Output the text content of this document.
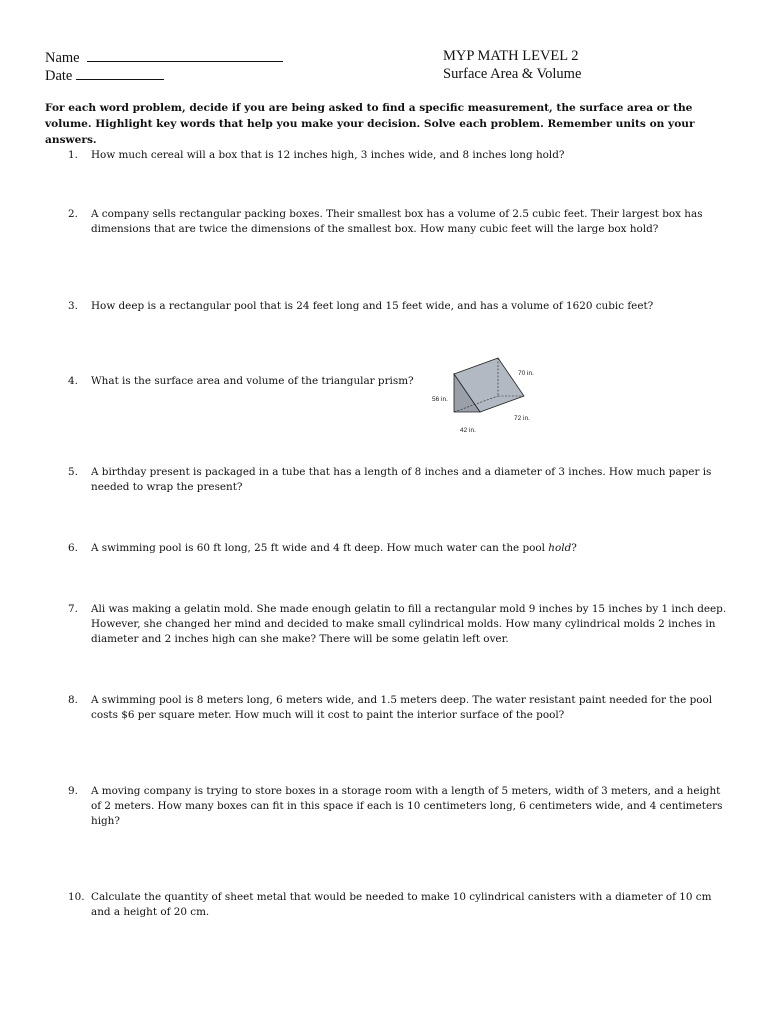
Name
Date
MYP MATH LEVEL 2
Surface Area & Volume
For each word problem, decide if you are being asked to find a specific measurement, the surface area or the volume. Highlight key words that help you make your decision. Solve each problem. Remember units on your answers.
1. How much cereal will a box that is 12 inches high, 3 inches wide, and 8 inches long hold?
2. A company sells rectangular packing boxes. Their smallest box has a volume of 2.5 cubic feet. Their largest box has dimensions that are twice the dimensions of the smallest box. How many cubic feet will the large box hold?
3. How deep is a rectangular pool that is 24 feet long and 15 feet wide, and has a volume of 1620 cubic feet?
4. What is the surface area and volume of the triangular prism?
70 in.
56 in.
72 in.
42 in.
5. A birthday present is packaged in a tube that has a length of 8 inches and a diameter of 3 inches. How much paper is needed to wrap the present?
6. A swimming pool is 60 ft long, 25 ft wide and 4 ft deep. How much water can the pool hold?
7. Ali was making a gelatin mold. She made enough gelatin to fill a rectangular mold 9 inches by 15 inches by 1 inch deep. However, she changed her mind and decided to make small cylindrical molds. How many cylindrical molds 2 inches in diameter and 2 inches high can she make? There will be some gelatin left over.
8. A swimming pool is 8 meters long, 6 meters wide, and 1.5 meters deep. The water resistant paint needed for the pool costs $6 per square meter. How much will it cost to paint the interior surface of the pool?
9. A moving company is trying to store boxes in a storage room with a length of 5 meters, width of 3 meters, and a height of 2 meters. How many boxes can fit in this space if each is 10 centimeters long, 6 centimeters wide, and 4 centimeters high?
10. Calculate the quantity of sheet metal that would be needed to make 10 cylindrical canisters with a diameter of 10 cm and a height of 20 cm.
